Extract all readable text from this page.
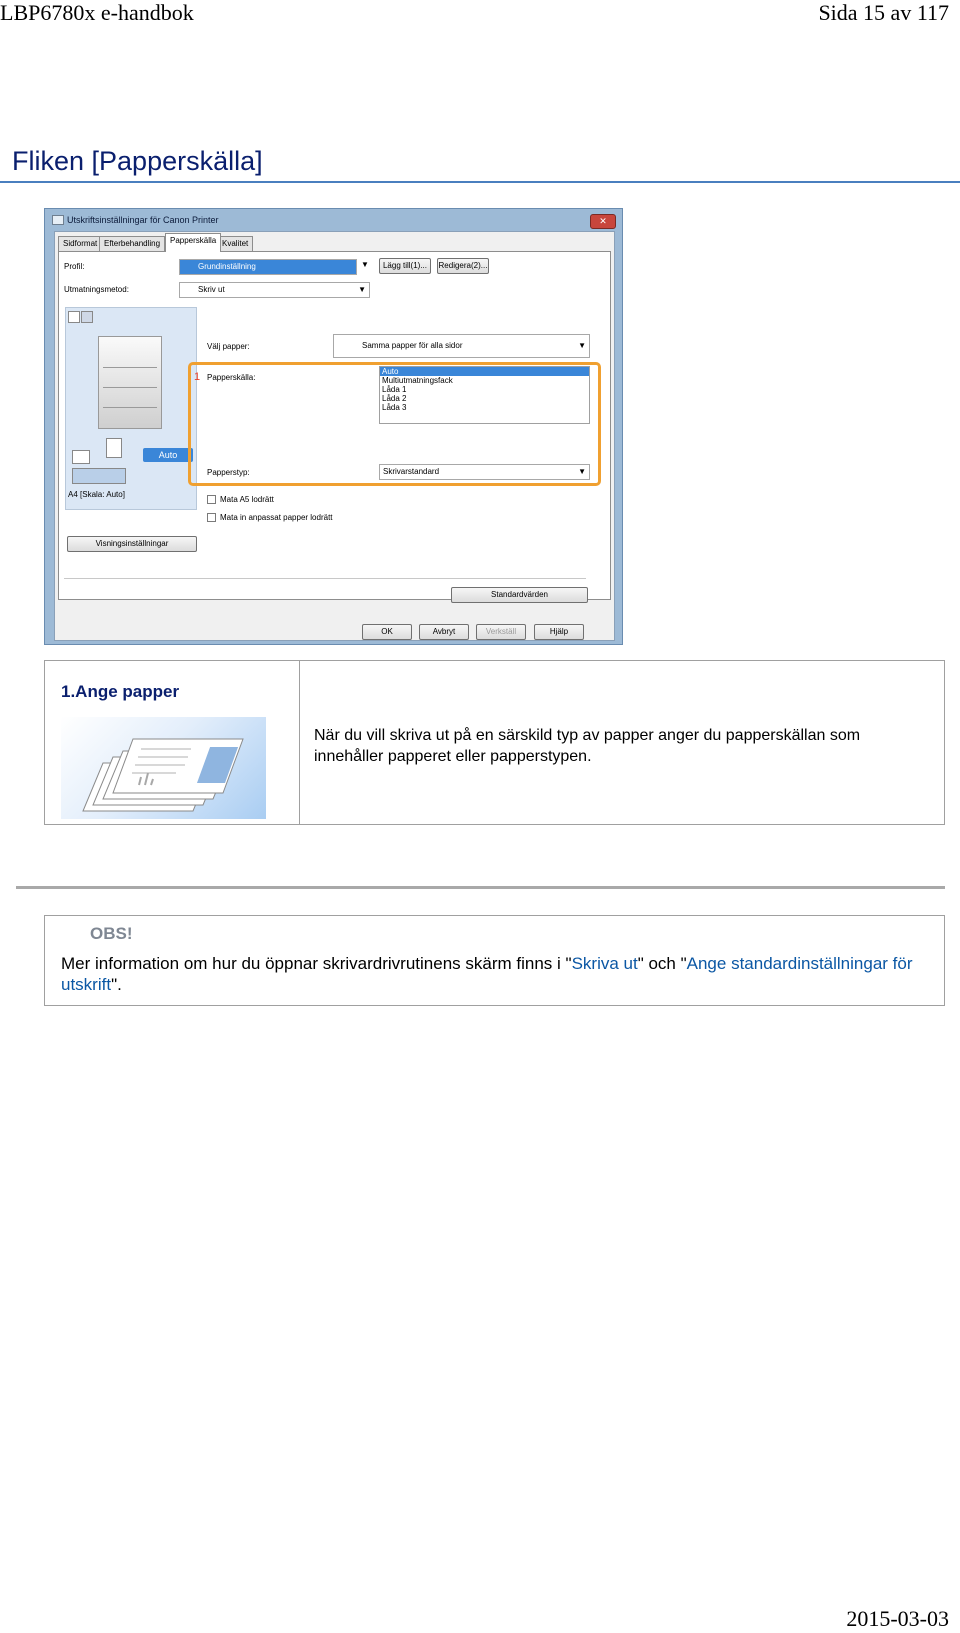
LBP6780x e-handbok	Sida 15 av 117
Fliken [Papperskälla]
Utskriftsinställningar för Canon Printer	✕
Sidformat Efterbehandling	Papperskälla Kvalitet
Profil:	Grundinställning	▼	Lägg till(1)...	Redigera(2)...
Utmatningsmetod:	Skriv ut	▼
Auto
A4 [Skala: Auto]
Välj papper:	Samma papper för alla sidor	▼
1 Papperskälla:
Auto
Multiutmatningsfack
Låda 1
Låda 2
Låda 3
Papperstyp:	Skrivarstandard	▼
Mata A5 lodrätt
Mata in anpassat papper lodrätt
Visningsinställningar
Standardvärden
OK	Avbryt	Verkställ	Hjälp
1.Ange papper
När du vill skriva ut på en särskild typ av papper anger du papperskällan som innehåller papperet eller papperstypen.
OBS!
Mer information om hur du öppnar skrivardrivrutinens skärm finns i "Skriva ut" och "Ange standardinställningar för utskrift".
2015-03-03
